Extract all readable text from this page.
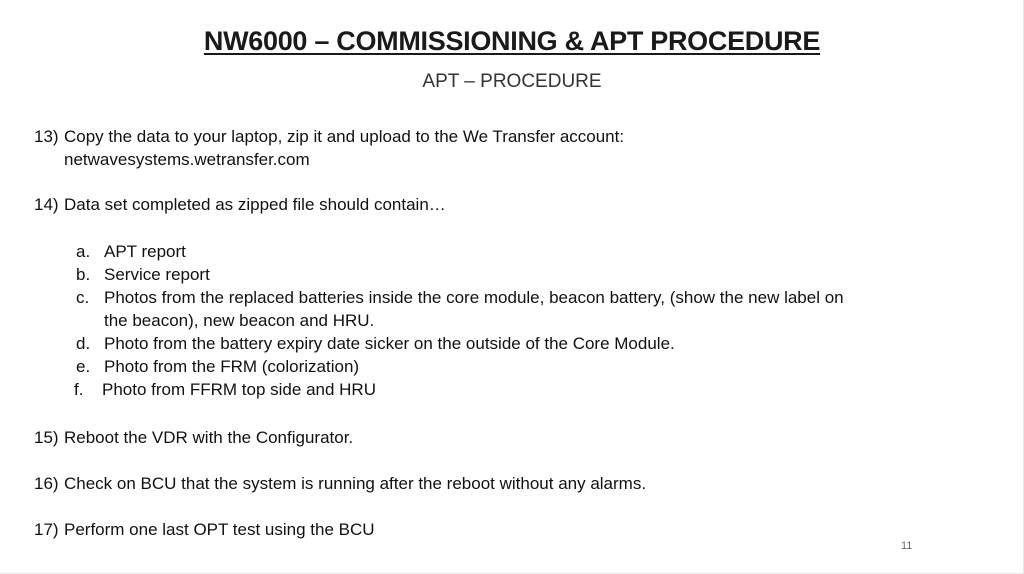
NW6000 – COMMISSIONING & APT PROCEDURE
APT – PROCEDURE
13) Copy the data to your laptop, zip it and upload to the We Transfer account:
netwavesystems.wetransfer.com
14) Data set completed as zipped file should contain…
a. APT report
b. Service report
c. Photos from the replaced batteries inside the core module, beacon battery, (show the new label on
the beacon), new beacon and HRU.
d. Photo from the battery expiry date sicker on the outside of the Core Module.
e. Photo from the FRM (colorization)
f. Photo from FFRM top side and HRU
15) Reboot the VDR with the Configurator.
16) Check on BCU that the system is running after the reboot without any alarms.
17) Perform one last OPT test using the BCU
11
